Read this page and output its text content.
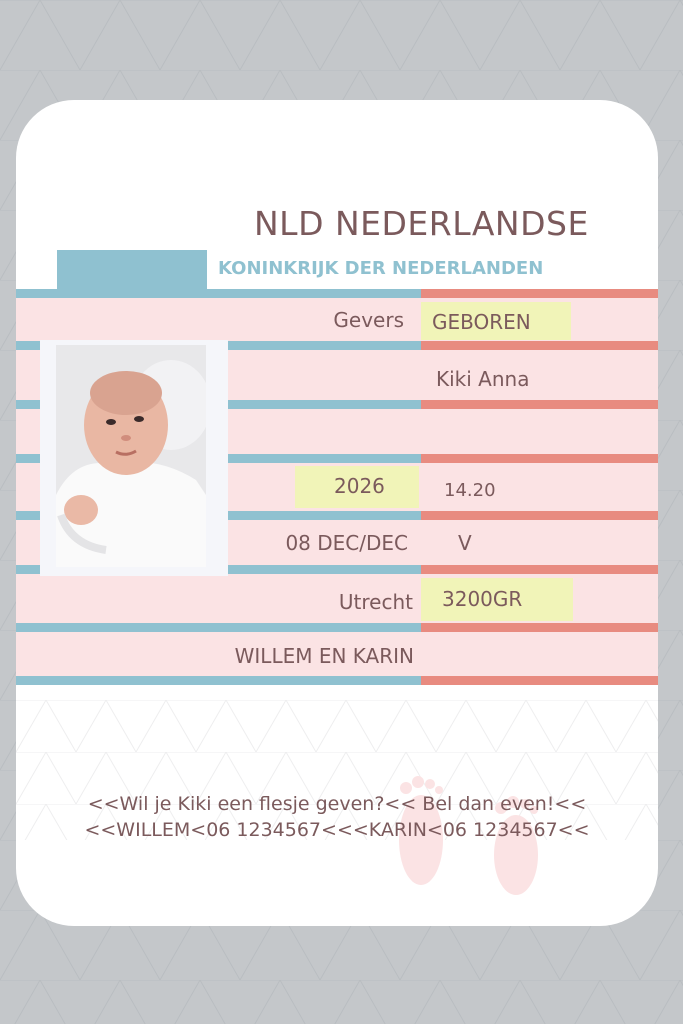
NLD NEDERLANDSE
KONINKRIJK DER NEDERLANDEN
Gevers GEBOREN
Kiki Anna
2026	14.20
08 DEC/DEC	V
Utrecht 3200GR
WILLEM EN KARIN
<<Wil je Kiki een flesje geven?<< Bel dan even!<<
<<WILLEM<06 1234567<<<KARIN<06 1234567<<
